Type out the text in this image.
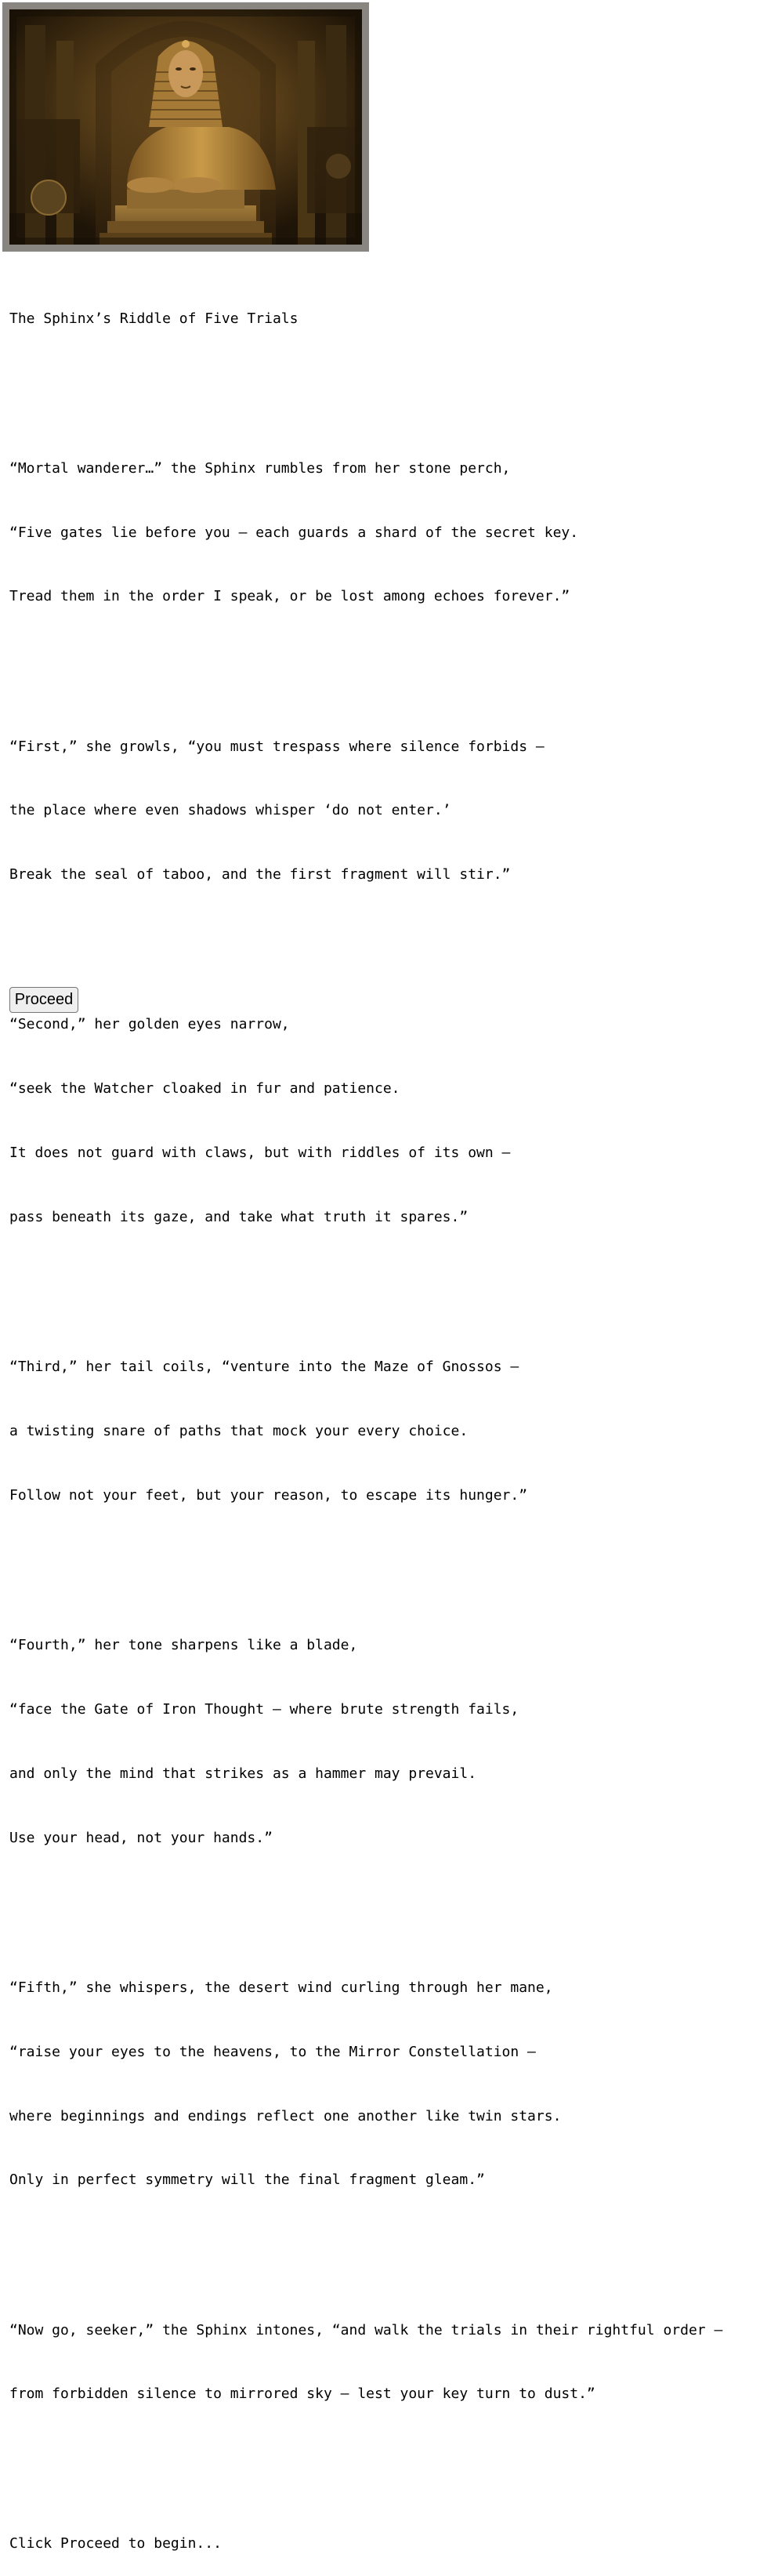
The Sphinx’s Riddle of Five Trials

“Mortal wanderer…” the Sphinx rumbles from her stone perch,

“Five gates lie before you — each guards a shard of the secret key.

Tread them in the order I speak, or be lost among echoes forever.”

“First,” she growls, “you must trespass where silence forbids —

the place where even shadows whisper ‘do not enter.’

Break the seal of taboo, and the first fragment will stir.”

“Second,” her golden eyes narrow,

“seek the Watcher cloaked in fur and patience.

It does not guard with claws, but with riddles of its own —

pass beneath its gaze, and take what truth it spares.”

“Third,” her tail coils, “venture into the Maze of Gnossos —

a twisting snare of paths that mock your every choice.

Follow not your feet, but your reason, to escape its hunger.”

“Fourth,” her tone sharpens like a blade,

“face the Gate of Iron Thought — where brute strength fails,

and only the mind that strikes as a hammer may prevail.

Use your head, not your hands.”

“Fifth,” she whispers, the desert wind curling through her mane,

“raise your eyes to the heavens, to the Mirror Constellation —

where beginnings and endings reflect one another like twin stars.

Only in perfect symmetry will the final fragment gleam.”

“Now go, seeker,” the Sphinx intones, “and walk the trials in their rightful order —

from forbidden silence to mirrored sky — lest your key turn to dust.”

Click Proceed to begin...

Proceed
